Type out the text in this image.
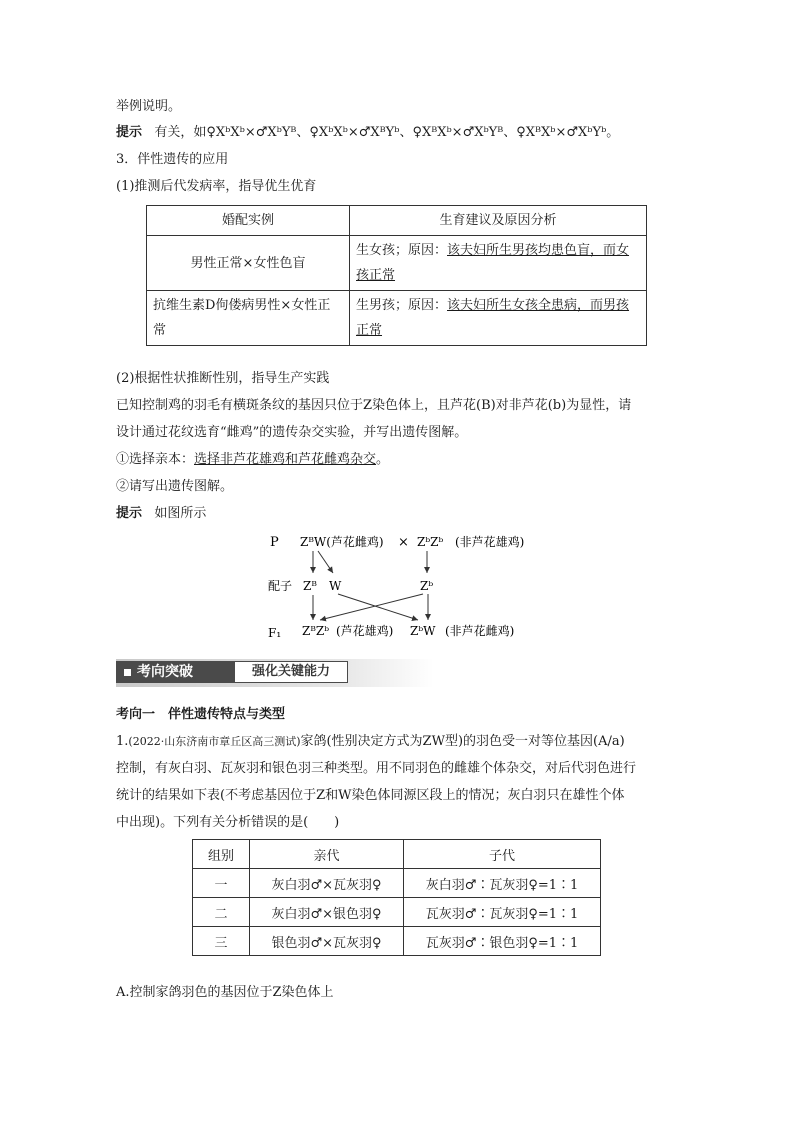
举例说明。
提示 有关，如♀XᵇXᵇ×♂XᵇYᴮ、♀XᵇXᵇ×♂XᴮYᵇ、♀XᴮXᵇ×♂XᵇYᴮ、♀XᴮXᵇ×♂XᵇYᵇ。
3．伴性遗传的应用
(1)推测后代发病率，指导优生优育
婚配实例	生育建议及原因分析
男性正常×女性色盲	生女孩；原因：该夫妇所生男孩均患色盲，而女孩正常
抗维生素D佝偻病男性×女性正常	生男孩；原因：该夫妇所生女孩全患病，而男孩正常
(2)根据性状推断性别，指导生产实践
已知控制鸡的羽毛有横斑条纹的基因只位于Z染色体上，且芦花(B)对非芦花(b)为显性，请
设计通过花纹选育“雌鸡”的遗传杂交实验，并写出遗传图解。
①选择亲本：选择非芦花雄鸡和芦花雌鸡杂交。
②请写出遗传图解。
提示 如图所示
P ZᴮW(芦花雌鸡) × ZᵇZᵇ (非芦花雄鸡)
配子 Zᴮ W	Zᵇ
F₁ ZᴮZᵇ (芦花雄鸡) ZᵇW (非芦花雌鸡)
考向突破	强化关键能力
考向一　伴性遗传特点与类型
1.(2022·山东济南市章丘区高三测试)家鸽(性别决定方式为ZW型)的羽色受一对等位基因(A/a)
控制，有灰白羽、瓦灰羽和银色羽三种类型。用不同羽色的雌雄个体杂交，对后代羽色进行
统计的结果如下表(不考虑基因位于Z和W染色体同源区段上的情况；灰白羽只在雄性个体
中出现)。下列有关分析错误的是(　　)
组别	亲代	子代
一	灰白羽♂×瓦灰羽♀	灰白羽♂∶瓦灰羽♀=1∶1
二	灰白羽♂×银色羽♀	瓦灰羽♂∶瓦灰羽♀=1∶1
三	银色羽♂×瓦灰羽♀	瓦灰羽♂∶银色羽♀=1∶1
A.控制家鸽羽色的基因位于Z染色体上
